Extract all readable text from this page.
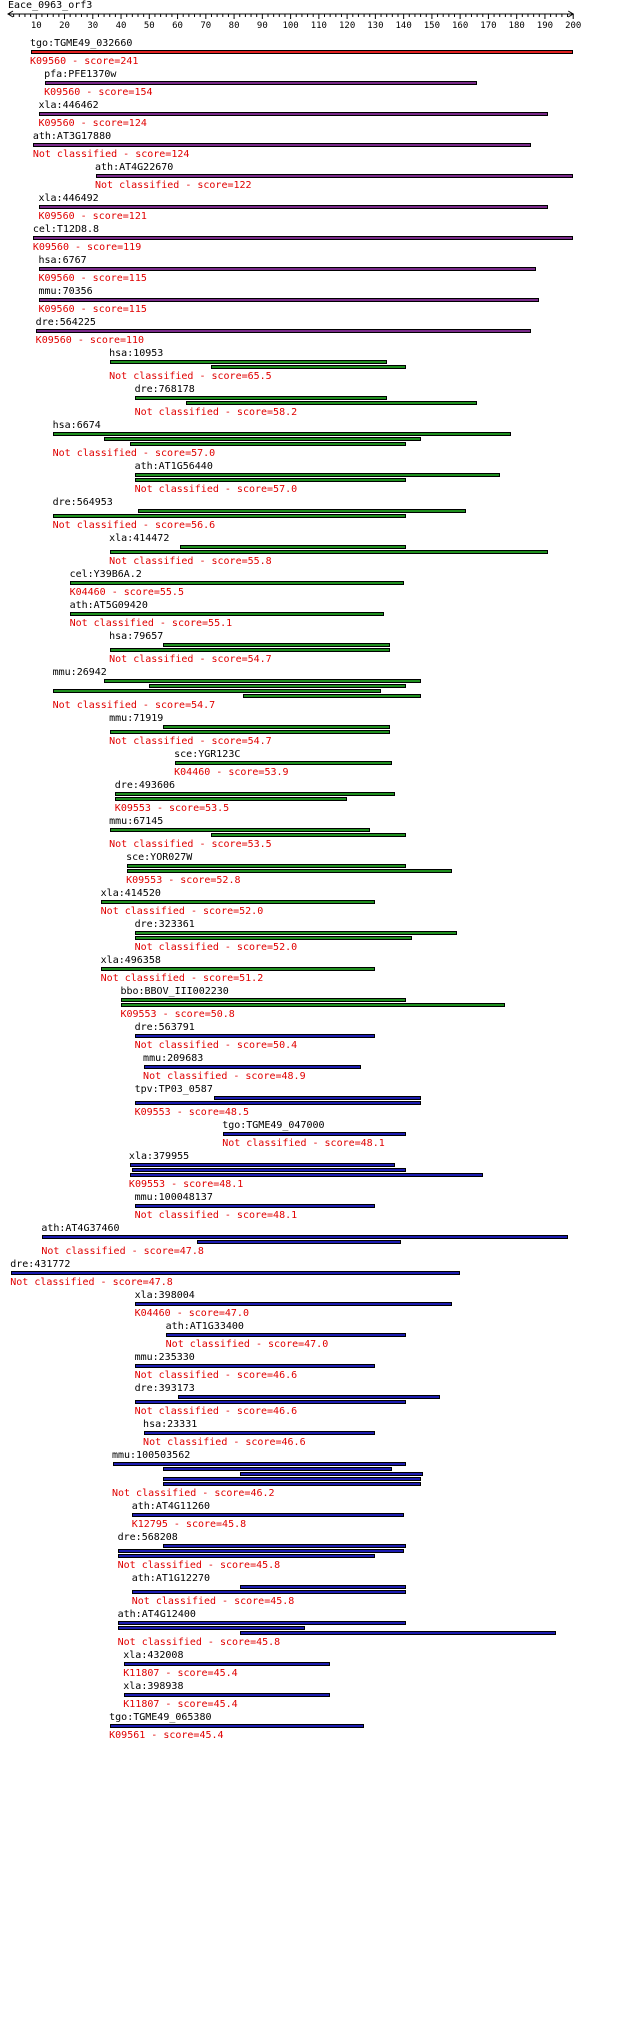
Eace_0963_orf3
10 20 30 40 50 60 70 80 90 100 110 120 130 140 150 160 170 180 190 200
tgo:TGME49_032660
K09560 - score=241
pfa:PFE1370w
K09560 - score=154
xla:446462
K09560 - score=124
ath:AT3G17880
Not classified - score=124
ath:AT4G22670
Not classified - score=122
xla:446492
K09560 - score=121
cel:T12D8.8
K09560 - score=119
hsa:6767
K09560 - score=115
mmu:70356
K09560 - score=115
dre:564225
K09560 - score=110
hsa:10953
Not classified - score=65.5
dre:768178
Not classified - score=58.2
hsa:6674
Not classified - score=57.0
ath:AT1G56440
Not classified - score=57.0
dre:564953
Not classified - score=56.6
xla:414472
Not classified - score=55.8
cel:Y39B6A.2
K04460 - score=55.5
ath:AT5G09420
Not classified - score=55.1
hsa:79657
Not classified - score=54.7
mmu:26942
Not classified - score=54.7
mmu:71919
Not classified - score=54.7
sce:YGR123C
K04460 - score=53.9
dre:493606
K09553 - score=53.5
mmu:67145
Not classified - score=53.5
sce:YOR027W
K09553 - score=52.8
xla:414520
Not classified - score=52.0
dre:323361
Not classified - score=52.0
xla:496358
Not classified - score=51.2
bbo:BBOV_III002230
K09553 - score=50.8
dre:563791
Not classified - score=50.4
mmu:209683
Not classified - score=48.9
tpv:TP03_0587
K09553 - score=48.5
tgo:TGME49_047000
Not classified - score=48.1
xla:379955
K09553 - score=48.1
mmu:100048137
Not classified - score=48.1
ath:AT4G37460
Not classified - score=47.8
dre:431772
Not classified - score=47.8
xla:398004
K04460 - score=47.0
ath:AT1G33400
Not classified - score=47.0
mmu:235330
Not classified - score=46.6
dre:393173
Not classified - score=46.6
hsa:23331
Not classified - score=46.6
mmu:100503562
Not classified - score=46.2
ath:AT4G11260
K12795 - score=45.8
dre:568208
Not classified - score=45.8
ath:AT1G12270
Not classified - score=45.8
ath:AT4G12400
Not classified - score=45.8
xla:432008
K11807 - score=45.4
xla:398938
K11807 - score=45.4
tgo:TGME49_065380
K09561 - score=45.4
